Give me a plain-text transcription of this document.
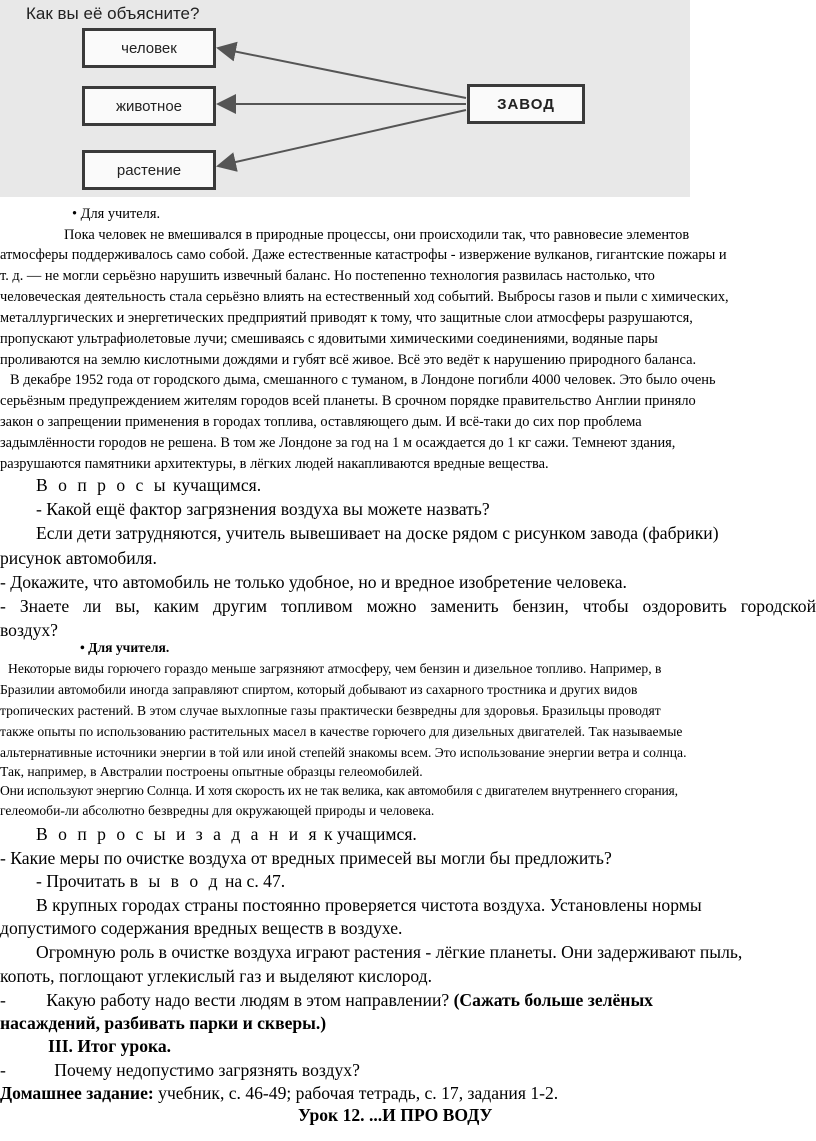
Как вы её объясните?
человек
животное
растение
ЗАВОД
• Для учителя.
Пока человек не вмешивался в природные процессы, они происходили так, что равновесие элементов
атмосферы поддерживалось само собой. Даже естественные катастрофы - извержение вулканов, гигантские пожары и
т. д. — не могли серьёзно нарушить извечный баланс. Но постепенно технология развилась настолько, что
человеческая деятельность стала серьёзно влиять на естественный ход событий. Выбросы газов и пыли с химических,
металлургических и энергетических предприятий приводят к тому, что защитные слои атмосферы разрушаются,
пропускают ультрафиолетовые лучи; смешиваясь с ядовитыми химическими соединениями, водяные пары
проливаются на землю кислотными дождями и губят всё живое. Всё это ведёт к нарушению природного баланса.
В декабре 1952 года от городского дыма, смешанного с туманом, в Лондоне погибли 4000 человек. Это было очень
серьёзным предупреждением жителям городов всей планеты. В срочном порядке правительство Англии приняло
закон о запрещении применения в городах топлива, оставляющего дым. И всё-таки до сих пор проблема
задымлённости городов не решена. В том же Лондоне за год на 1 м осаждается до 1 кг сажи. Темнеют здания,
разрушаются памятники архитектуры, в лёгких людей накапливаются вредные вещества.
В о п р о с ы кучащимся.
- Какой ещё фактор загрязнения воздуха вы можете назвать?
Если дети затрудняются, учитель вывешивает на доске рядом с рисунком завода (фабрики)
рисунок автомобиля.
- Докажите, что автомобиль не только удобное, но и вредное изобретение человека.
- Знаете ли вы, каким другим топливом можно заменить бензин, чтобы оздоровить городской
воздух?
• Для учителя.
Некоторые виды горючего гораздо меньше загрязняют атмосферу, чем бензин и дизельное топливо. Например, в
Бразилии автомобили иногда заправляют спиртом, который добывают из сахарного тростника и других видов
тропических растений. В этом случае выхлопные газы практически безвредны для здоровья. Бразильцы проводят
также опыты по использованию растительных масел в качестве горючего для дизельных двигателей. Так называемые
альтернативные источники энергии в той или иной степейй знакомы всем. Это использование энергии ветра и солнца.
Так, например, в Австралии построены опытные образцы гелеомобилей.
Они используют энергию Солнца. И хотя скорость их не так велика, как автомобиля с двигателем внутреннего сгорания,
гелеомоби-ли абсолютно безвредны для окружающей природы и человека.
В о п р о с ы и з а д а н и я к учащимся.
- Какие меры по очистке воздуха от вредных примесей вы могли бы предложить?
- Прочитать в ы в о д на с. 47.
В крупных городах страны постоянно проверяется чистота воздуха. Установлены нормы
допустимого содержания вредных веществ в воздухе.
Огромную роль в очистке воздуха играют растения - лёгкие планеты. Они задерживают пыль,
копоть, поглощают углекислый газ и выделяют кислород.
- Какую работу надо вести людям в этом направлении? (Сажать больше зелёных
насаждений, разбивать парки и скверы.)
III. Итог урока.
-	Почему недопустимо загрязнять воздух?
Домашнее задание: учебник, с. 46-49; рабочая тетрадь, с. 17, задания 1-2.
Урок 12. ...И ПРО ВОДУ
